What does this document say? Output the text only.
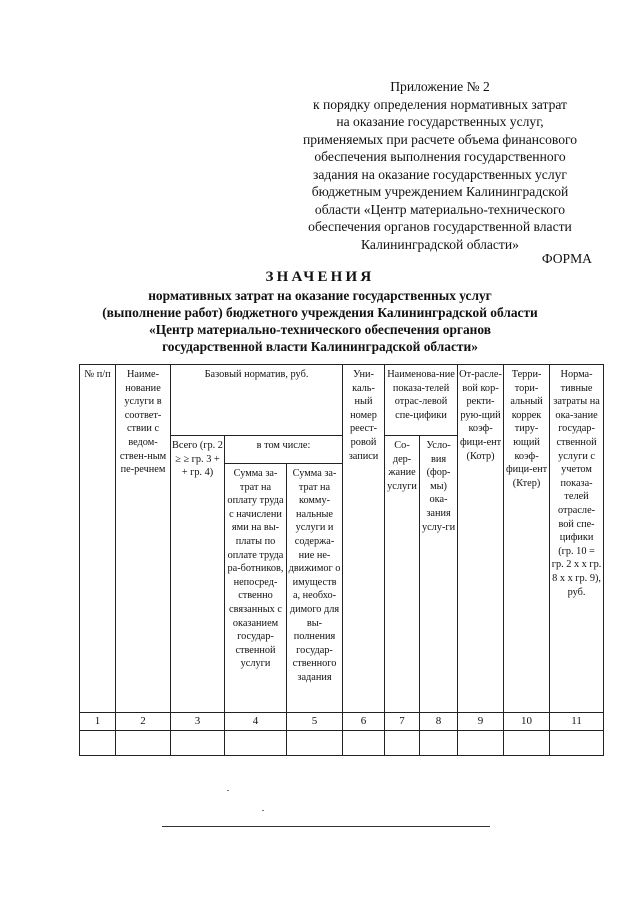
Приложение № 2
к порядку определения нормативных затрат
на оказание государственных услуг,
применяемых при расчете объема финансового
обеспечения выполнения государственного
задания на оказание государственных услуг
бюджетным учреждением Калининградской
области «Центр материально-технического
обеспечения органов государственной власти
Калининградской области»
ФОРМА
ЗНАЧЕНИЯ
нормативных затрат на оказание государственных услуг
(выполнение работ) бюджетного учреждения Калининградской области
«Центр материально-технического обеспечения органов
государственной власти Калининградской области»
№ п/п	Наиме-нование услуги в соответ-ствии с ведом-ствен-ным пе-речнем	Базовый норматив, руб.			Уни-каль-ный номер реест-ровой записи	Наименова-ние показа-телей отрас-левой спе-цифики		От-расле-вой кор-ректи-рую-щий коэф-фици-ент (Котр)	Терри-тори-альный коррек тиру-ющий коэф-фици-ент (Ктер)	Норма-тивные затраты на ока-зание государ-ственной услуги с учетом показа-телей отрасле-вой спе-цифики (гр. 10 = гр. 2 х х гр. 8 х х гр. 9), руб.
		Всего (гр. 2 ≥ ≥ гр. 3 + + гр. 4)	в том числе:			Со-дер-жание услуги	Усло-вия (фор-мы) ока-зания услу-ги			
			Сумма за-трат на оплату труда с начислени ями на вы-платы по оплате труда ра-ботников, непосред-ственно связанных с оказанием государ-ственной услуги	Сумма за-трат на комму-нальные услуги и содержа-ние не-движимог о имуществ а, необхо-димого для вы-полнения государ-ственного задания						
1	2	3	4	5	6	7	8	9	10	11
